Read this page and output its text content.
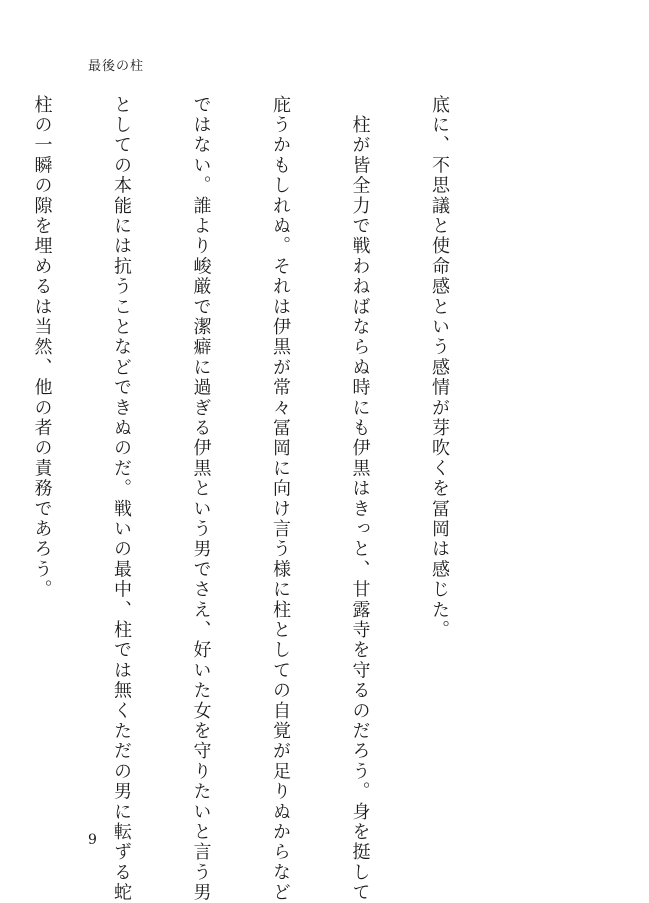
最後の柱

底に、不思議と使命感という感情が芽吹くを冨岡は感じた。

　柱が皆全力で戦わねばならぬ時にも伊黒はきっと、甘露寺を守るのだろう。身を挺して

庇うかもしれぬ。それは伊黒が常々冨岡に向け言う様に柱としての自覚が足りぬからなど

ではない。誰より峻厳で潔癖に過ぎる伊黒という男でさえ、好いた女を守りたいと言う男

としての本能には抗うことなどできぬのだ。戦いの最中、柱では無くただの男に転ずる蛇

柱の一瞬の隙を埋めるは当然、他の者の責務であろう。

9
